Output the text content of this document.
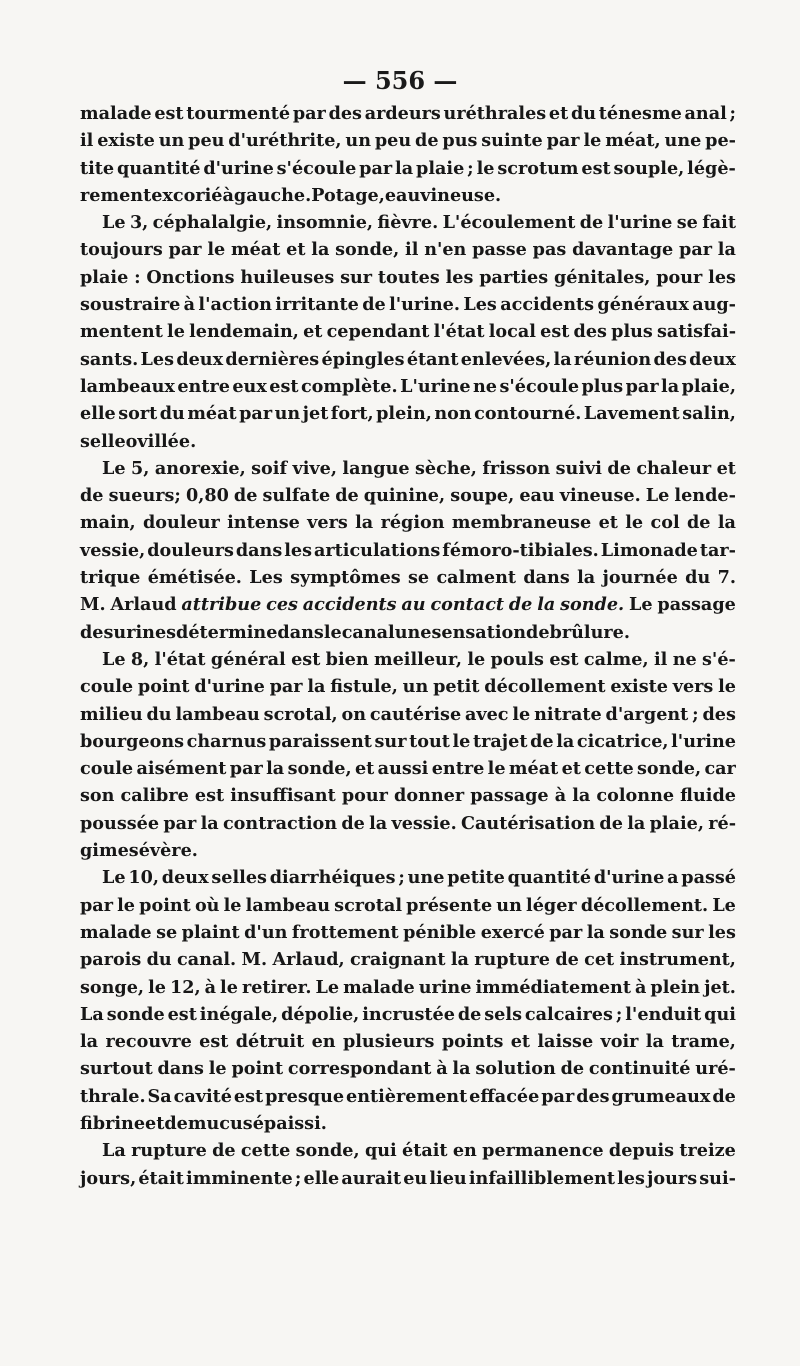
— 556 —
malade est tourmenté par des ardeurs uréthrales et du ténesme anal ;
il existe un peu d'uréthrite, un peu de pus suinte par le méat, une pe-
tite quantité d'urine s'écoule par la plaie ; le scrotum est souple, légè-
rement excorié à gauche. Potage, eau vineuse.
Le 3, céphalalgie, insomnie, fièvre. L'écoulement de l'urine se fait
toujours par le méat et la sonde, il n'en passe pas davantage par la
plaie : Onctions huileuses sur toutes les parties génitales, pour les
soustraire à l'action irritante de l'urine. Les accidents généraux aug-
mentent le lendemain, et cependant l'état local est des plus satisfai-
sants. Les deux dernières épingles étant enlevées, la réunion des deux
lambeaux entre eux est complète. L'urine ne s'écoule plus par la plaie,
elle sort du méat par un jet fort, plein, non contourné. Lavement salin,
selle ovillée.
Le 5, anorexie, soif vive, langue sèche, frisson suivi de chaleur et
de sueurs; 0,80 de sulfate de quinine, soupe, eau vineuse. Le lende-
main, douleur intense vers la région membraneuse et le col de la
vessie, douleurs dans les articulations fémoro-tibiales. Limonade tar-
trique émétisée. Les symptômes se calment dans la journée du 7.
M. Arlaud attribue ces accidents au contact de la sonde. Le passage
des urines détermine dans le canal une sensation de brûlure.
Le 8, l'état général est bien meilleur, le pouls est calme, il ne s'é-
coule point d'urine par la fistule, un petit décollement existe vers le
milieu du lambeau scrotal, on cautérise avec le nitrate d'argent ; des
bourgeons charnus paraissent sur tout le trajet de la cicatrice, l'urine
coule aisément par la sonde, et aussi entre le méat et cette sonde, car
son calibre est insuffisant pour donner passage à la colonne fluide
poussée par la contraction de la vessie. Cautérisation de la plaie, ré-
gime sévère.
Le 10, deux selles diarrhéiques ; une petite quantité d'urine a passé
par le point où le lambeau scrotal présente un léger décollement. Le
malade se plaint d'un frottement pénible exercé par la sonde sur les
parois du canal. M. Arlaud, craignant la rupture de cet instrument,
songe, le 12, à le retirer. Le malade urine immédiatement à plein jet.
La sonde est inégale, dépolie, incrustée de sels calcaires ; l'enduit qui
la recouvre est détruit en plusieurs points et laisse voir la trame,
surtout dans le point correspondant à la solution de continuité uré-
thrale. Sa cavité est presque entièrement effacée par des grumeaux de
fibrine et de mucus épaissi.
La rupture de cette sonde, qui était en permanence depuis treize
jours, était imminente ; elle aurait eu lieu infailliblement les jours sui-
